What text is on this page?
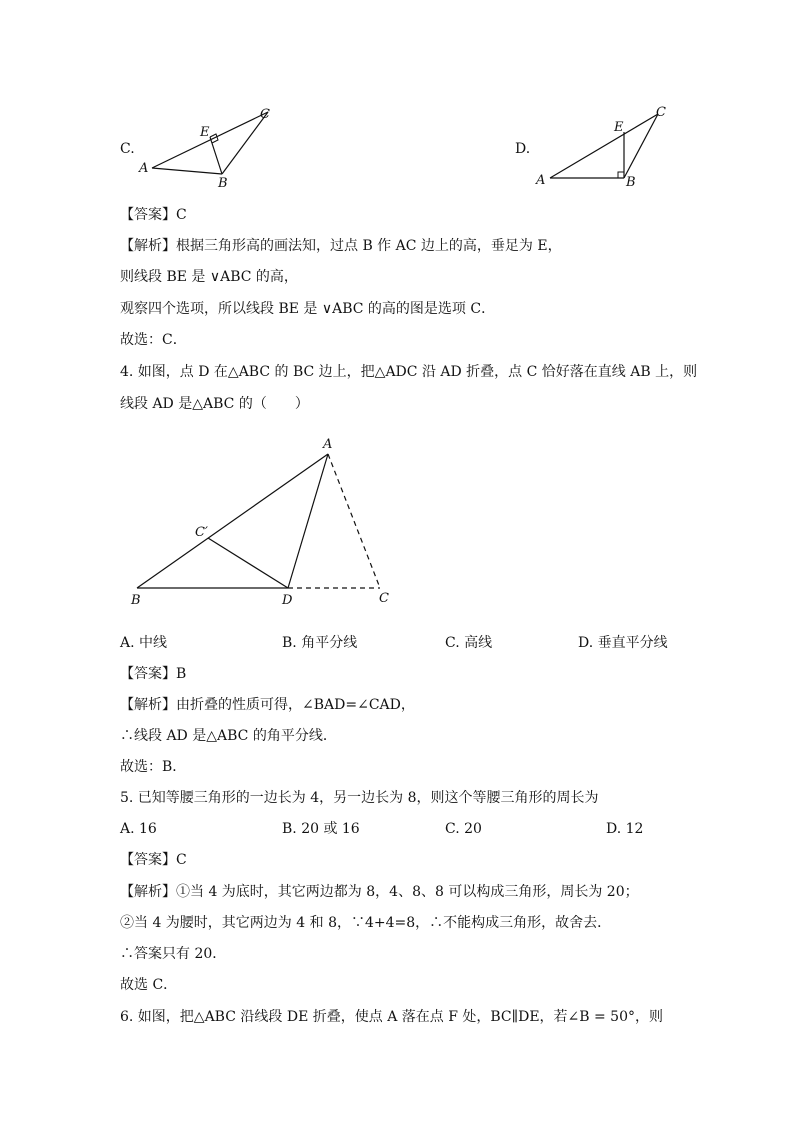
C.
A
B
C
E
D.
A	B
C
E
【答案】C
【解析】根据三角形高的画法知，过点 B 作 AC 边上的高，垂足为 E，
则线段 BE 是 ∨ABC 的高，
观察四个选项，所以线段 BE 是 ∨ABC 的高的图是选项 C．
故选：C．
4. 如图，点 D 在△ABC 的 BC 边上，把△ADC 沿 AD 折叠，点 C 恰好落在直线 AB 上，则
线段 AD 是△ABC 的（　　）
A
B	D	C
C′
A. 中线	B. 角平分线	C. 高线	D. 垂直平分线
【答案】B
【解析】由折叠的性质可得，∠BAD=∠CAD，
∴线段 AD 是△ABC 的角平分线．
故选：B．
5. 已知等腰三角形的一边长为 4，另一边长为 8，则这个等腰三角形的周长为
A. 16	B. 20 或 16	C. 20	D. 12
【答案】C
【解析】①当 4 为底时，其它两边都为 8，4、8、8 可以构成三角形，周长为 20；
②当 4 为腰时，其它两边为 4 和 8，∵4+4=8，∴不能构成三角形，故舍去．
∴答案只有 20．
故选 C．
6. 如图，把△ABC 沿线段 DE 折叠，使点 A 落在点 F 处，BC∥DE，若∠B = 50°，则
